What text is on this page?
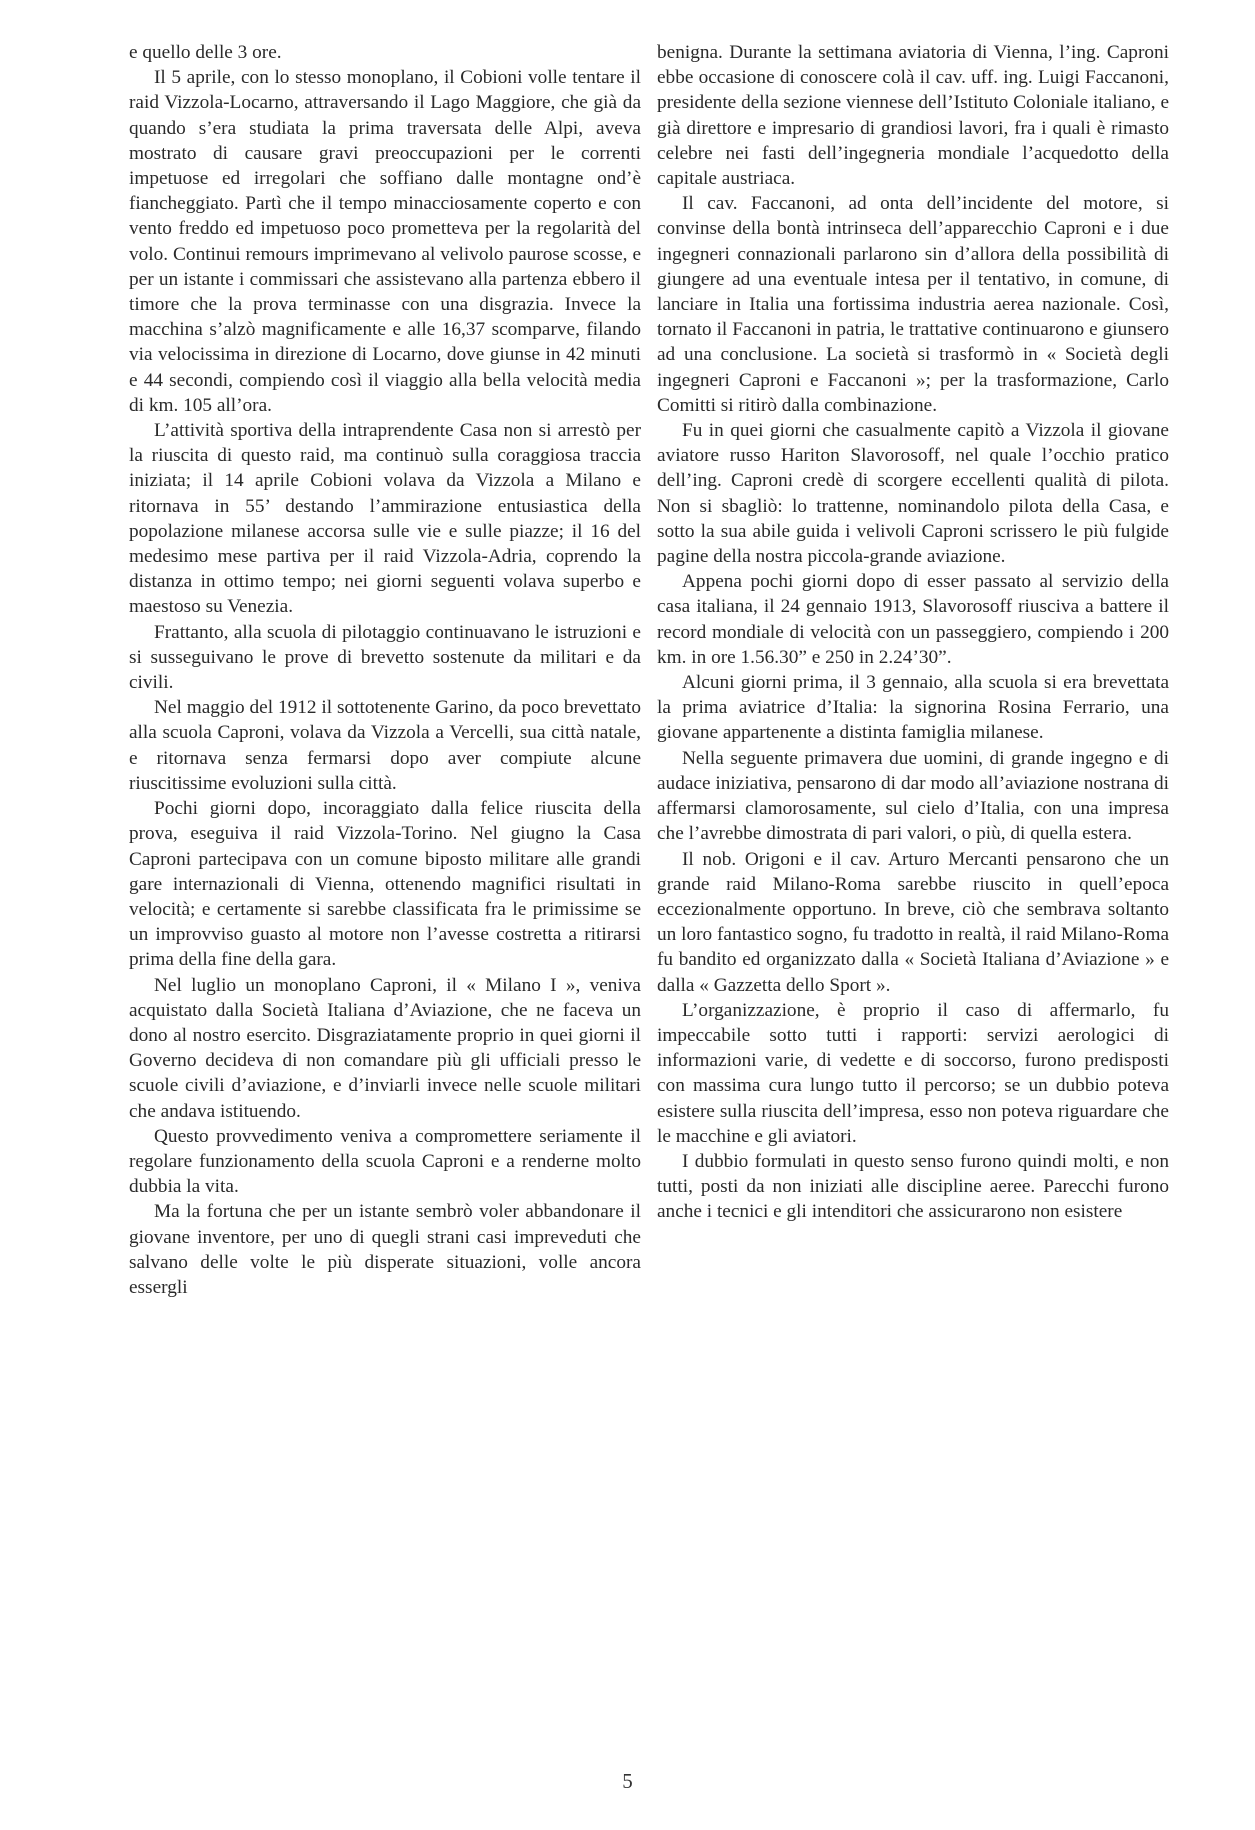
e quello delle 3 ore.

Il 5 aprile, con lo stesso monoplano, il Cobioni volle tentare il raid Vizzola-Locarno, attraversando il Lago Maggiore, che già da quando s’era studiata la prima traversata delle Alpi, aveva mostrato di causare gravi preoccupazioni per le correnti impetuose ed irregolari che soffiano dalle montagne ond’è fiancheggiato. Partì che il tempo minacciosamente coperto e con vento freddo ed impetuoso poco prometteva per la regolarità del volo. Continui remours imprimevano al velivolo paurose scosse, e per un istante i commissari che assistevano alla partenza ebbero il timore che la prova terminasse con una disgrazia. Invece la macchina s’alzò magnificamente e alle 16,37 scomparve, filando via velocissima in direzione di Locarno, dove giunse in 42 minuti e 44 secondi, compiendo così il viaggio alla bella velocità media di km. 105 all’ora.

L’attività sportiva della intraprendente Casa non si arrestò per la riuscita di questo raid, ma continuò sulla coraggiosa traccia iniziata; il 14 aprile Cobioni volava da Vizzola a Milano e ritornava in 55’ destando l’ammirazione entusiastica della popolazione milanese accorsa sulle vie e sulle piazze; il 16 del medesimo mese partiva per il raid Vizzola-Adria, coprendo la distanza in ottimo tempo; nei giorni seguenti volava superbo e maestoso su Venezia.

Frattanto, alla scuola di pilotaggio continuavano le istruzioni e si susseguivano le prove di brevetto sostenute da militari e da civili.

Nel maggio del 1912 il sottotenente Garino, da poco brevettato alla scuola Caproni, volava da Vizzola a Vercelli, sua città natale, e ritornava senza fermarsi dopo aver compiute alcune riuscitissime evoluzioni sulla città.

Pochi giorni dopo, incoraggiato dalla felice riuscita della prova, eseguiva il raid Vizzola-Torino. Nel giugno la Casa Caproni partecipava con un comune biposto militare alle grandi gare internazionali di Vienna, ottenendo magnifici risultati in velocità; e certamente si sarebbe classificata fra le primissime se un improvviso guasto al motore non l’avesse costretta a ritirarsi prima della fine della gara.

Nel luglio un monoplano Caproni, il « Milano I », veniva acquistato dalla Società Italiana d’Aviazione, che ne faceva un dono al nostro esercito. Disgraziatamente proprio in quei giorni il Governo decideva di non comandare più gli ufficiali presso le scuole civili d’aviazione, e d’inviarli invece nelle scuole militari che andava istituendo.

Questo provvedimento veniva a compromettere seriamente il regolare funzionamento della scuola Caproni e a renderne molto dubbia la vita.

Ma la fortuna che per un istante sembrò voler abbandonare il giovane inventore, per uno di quegli strani casi impreveduti che salvano delle volte le più disperate situazioni, volle ancora essergli

benigna. Durante la settimana aviatoria di Vienna, l’ing. Caproni ebbe occasione di conoscere colà il cav. uff. ing. Luigi Faccanoni, presidente della sezione viennese dell’Istituto Coloniale italiano, e già direttore e impresario di grandiosi lavori, fra i quali è rimasto celebre nei fasti dell’ingegneria mondiale l’acquedotto della capitale austriaca.

Il cav. Faccanoni, ad onta dell’incidente del motore, si convinse della bontà intrinseca dell’apparecchio Caproni e i due ingegneri connazionali parlarono sin d’allora della possibilità di giungere ad una eventuale intesa per il tentativo, in comune, di lanciare in Italia una fortissima industria aerea nazionale. Così, tornato il Faccanoni in patria, le trattative continuarono e giunsero ad una conclusione. La società si trasformò in « Società degli ingegneri Caproni e Faccanoni »; per la trasformazione, Carlo Comitti si ritirò dalla combinazione.

Fu in quei giorni che casualmente capitò a Vizzola il giovane aviatore russo Hariton Slavorosoff, nel quale l’occhio pratico dell’ing. Caproni credè di scorgere eccellenti qualità di pilota. Non si sbagliò: lo trattenne, nominandolo pilota della Casa, e sotto la sua abile guida i velivoli Caproni scrissero le più fulgide pagine della nostra piccola-grande aviazione.

Appena pochi giorni dopo di esser passato al servizio della casa italiana, il 24 gennaio 1913, Slavorosoff riusciva a battere il record mondiale di velocità con un passeggiero, compiendo i 200 km. in ore 1.56.30” e 250 in 2.24’30”.

Alcuni giorni prima, il 3 gennaio, alla scuola si era brevettata la prima aviatrice d’Italia: la signorina Rosina Ferrario, una giovane appartenente a distinta famiglia milanese.

Nella seguente primavera due uomini, di grande ingegno e di audace iniziativa, pensarono di dar modo all’aviazione nostrana di affermarsi clamorosamente, sul cielo d’Italia, con una impresa che l’avrebbe dimostrata di pari valori, o più, di quella estera.

Il nob. Origoni e il cav. Arturo Mercanti pensarono che un grande raid Milano-Roma sarebbe riuscito in quell’epoca eccezionalmente opportuno. In breve, ciò che sembrava soltanto un loro fantastico sogno, fu tradotto in realtà, il raid Milano-Roma fu bandito ed organizzato dalla « Società Italiana d’Aviazione » e dalla « Gazzetta dello Sport ».

L’organizzazione, è proprio il caso di affermarlo, fu impeccabile sotto tutti i rapporti: servizi aerologici di informazioni varie, di vedette e di soccorso, furono predisposti con massima cura lungo tutto il percorso; se un dubbio poteva esistere sulla riuscita dell’impresa, esso non poteva riguardare che le macchine e gli aviatori.

I dubbio formulati in questo senso furono quindi molti, e non tutti, posti da non iniziati alle discipline aeree. Parecchi furono anche i tecnici e gli intenditori che assicurarono non esistere

5
